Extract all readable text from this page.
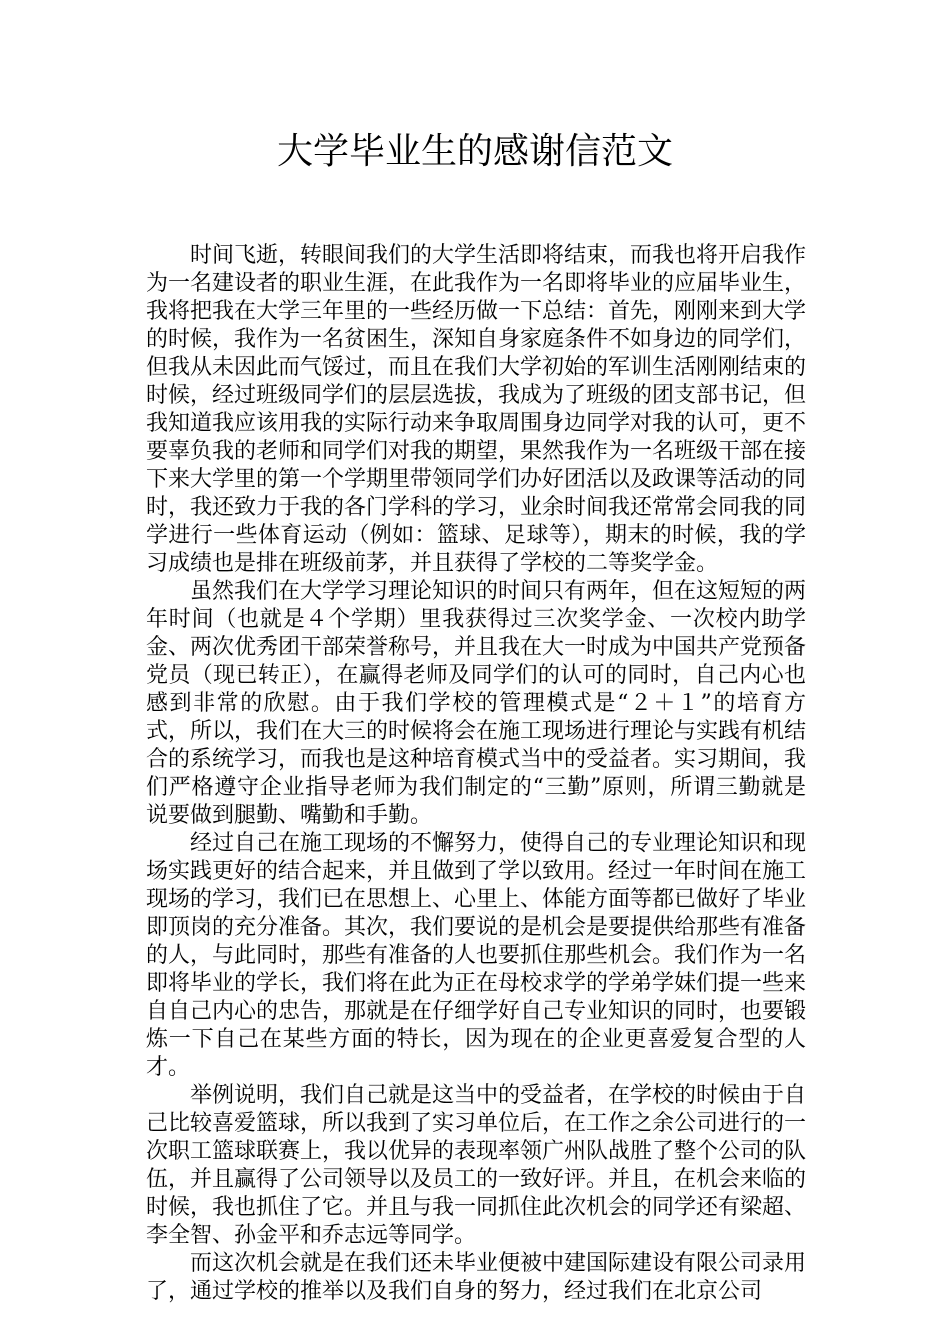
大学毕业生的感谢信范文

时间飞逝，转眼间我们的大学生活即将结束，而我也将开启我作为一名建设者的职业生涯，在此我作为一名即将毕业的应届毕业生，我将把我在大学三年里的一些经历做一下总结：首先，刚刚来到大学的时候，我作为一名贫困生，深知自身家庭条件不如身边的同学们，但我从未因此而气馁过，而且在我们大学初始的军训生活刚刚结束的时候，经过班级同学们的层层选拔，我成为了班级的团支部书记，但我知道我应该用我的实际行动来争取周围身边同学对我的认可，更不要辜负我的老师和同学们对我的期望，果然我作为一名班级干部在接下来大学里的第一个学期里带领同学们办好团活以及政课等活动的同时，我还致力于我的各门学科的学习，业余时间我还常常会同我的同学进行一些体育运动（例如：篮球、足球等），期末的时候，我的学习成绩也是排在班级前茅，并且获得了学校的二等奖学金。

虽然我们在大学学习理论知识的时间只有两年，但在这短短的两年时间（也就是４个学期）里我获得过三次奖学金、一次校内助学金、两次优秀团干部荣誉称号，并且我在大一时成为中国共产党预备党员（现已转正），在赢得老师及同学们的认可的同时，自己内心也感到非常的欣慰。由于我们学校的管理模式是“２＋１”的培育方式，所以，我们在大三的时候将会在施工现场进行理论与实践有机结合的系统学习，而我也是这种培育模式当中的受益者。实习期间，我们严格遵守企业指导老师为我们制定的“三勤”原则，所谓三勤就是说要做到腿勤、嘴勤和手勤。

经过自己在施工现场的不懈努力，使得自己的专业理论知识和现场实践更好的结合起来，并且做到了学以致用。经过一年时间在施工现场的学习，我们已在思想上、心里上、体能方面等都已做好了毕业即顶岗的充分准备。其次，我们要说的是机会是要提供给那些有准备的人，与此同时，那些有准备的人也要抓住那些机会。我们作为一名即将毕业的学长，我们将在此为正在母校求学的学弟学妹们提一些来自自己内心的忠告，那就是在仔细学好自己专业知识的同时，也要锻炼一下自己在某些方面的特长，因为现在的企业更喜爱复合型的人才。

举例说明，我们自己就是这当中的受益者，在学校的时候由于自己比较喜爱篮球，所以我到了实习单位后，在工作之余公司进行的一次职工篮球联赛上，我以优异的表现率领广州队战胜了整个公司的队伍，并且赢得了公司领导以及员工的一致好评。并且，在机会来临的时候，我也抓住了它。并且与我一同抓住此次机会的同学还有梁超、李全智、孙金平和乔志远等同学。

而这次机会就是在我们还未毕业便被中建国际建设有限公司录用了，通过学校的推举以及我们自身的努力，经过我们在北京公司
